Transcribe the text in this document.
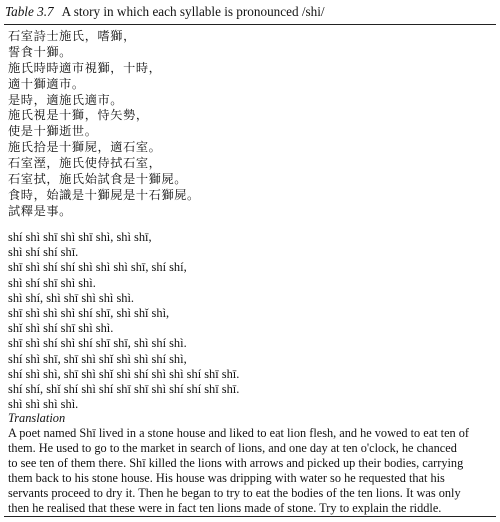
Table 3.7 A story in which each syllable is pronounced /shi/
石室詩士施氏，嗜獅，
誓食十獅。
施氏時時適市視獅，十時，
適十獅適市。
是時，適施氏適市。
施氏視是十獅，恃矢勢，
使是十獅逝世。
施氏拾是十獅屍，適石室。
石室溼，施氏使侍拭石室，
石室拭，施氏始試食是十獅屍。
食時，始識是十獅屍是十石獅屍。
試釋是事。
shí shì shī shì shī shì, shì shī,
shì shí shí shī.
shī shì shí shí shì shì shì shī, shí shí,
shì shí shī shì shì.
shì shí, shì shī shì shì shì.
shī shì shì shì shí shī, shì shǐ shì,
shǐ shì shí shī shì shì.
shī shì shí shì shí shī shī, shì shí shì.
shí shì shī, shī shì shǐ shì shì shí shì,
shí shì shì, shī shì shǐ shì shí shì shì shí shī shī.
shí shí, shǐ shí shì shí shī shī shì shí shí shī shī.
shì shì shì shì.
Translation
A poet named Shī lived in a stone house and liked to eat lion flesh, and he vowed to eat ten of
them. He used to go to the market in search of lions, and one day at ten o'clock, he chanced
to see ten of them there. Shī killed the lions with arrows and picked up their bodies, carrying
them back to his stone house. His house was dripping with water so he requested that his
servants proceed to dry it. Then he began to try to eat the bodies of the ten lions. It was only
then he realised that these were in fact ten lions made of stone. Try to explain the riddle.
